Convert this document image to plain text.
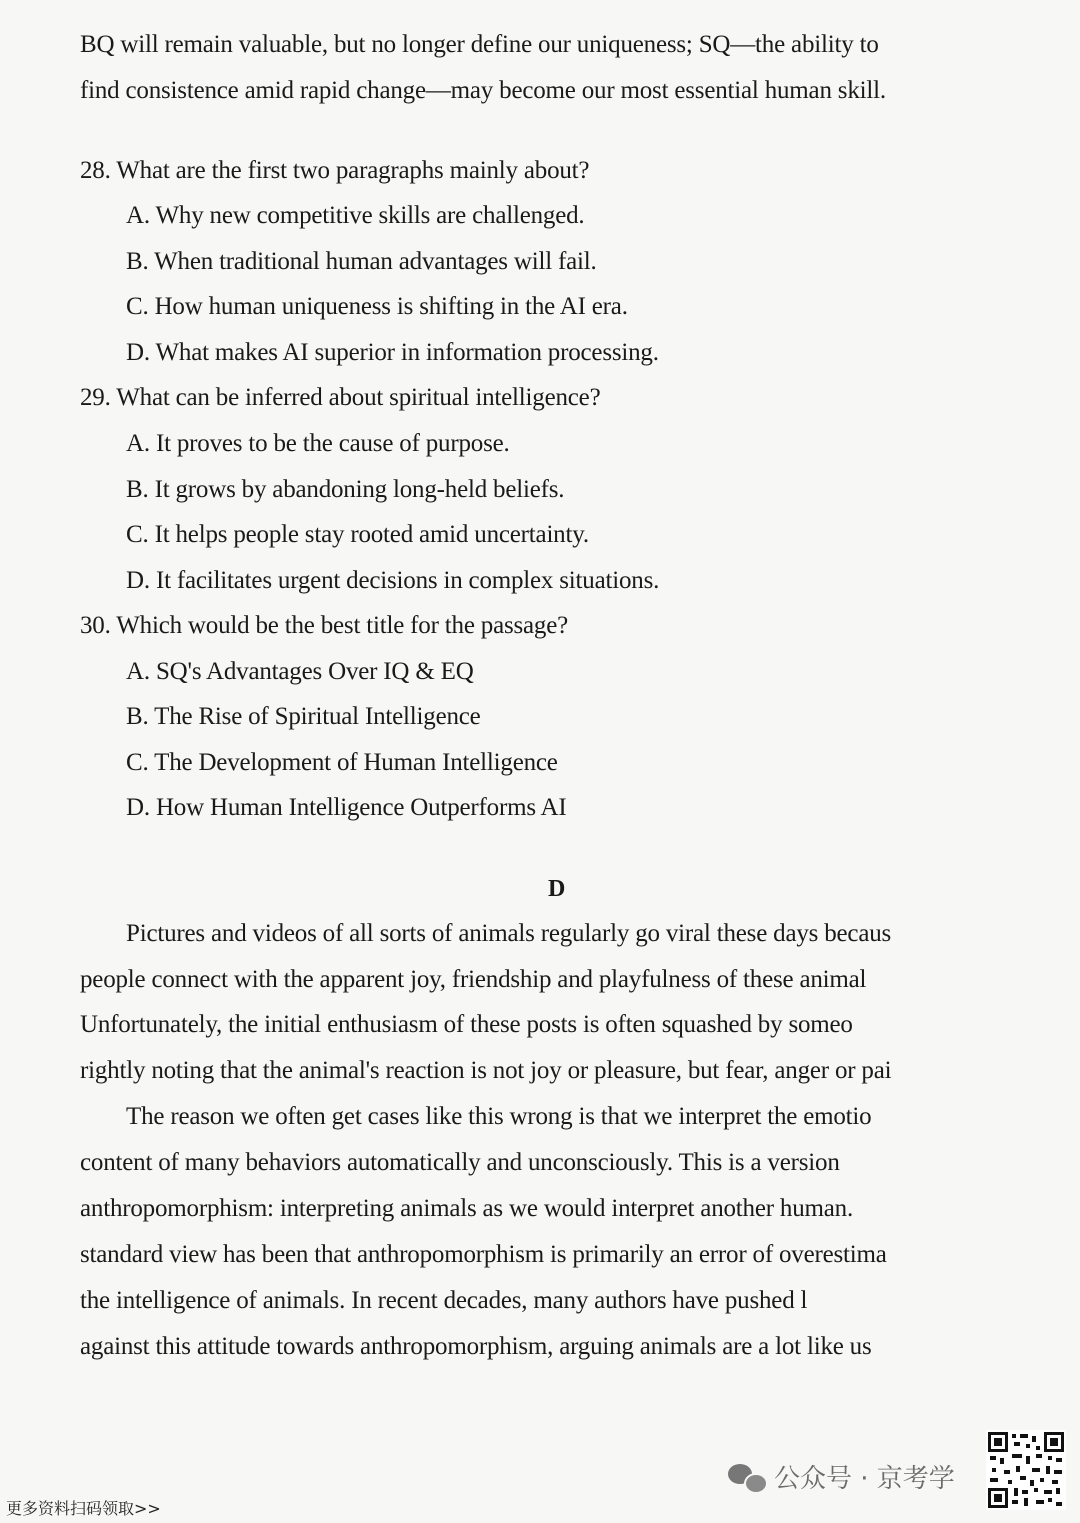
BQ will remain valuable, but no longer define our uniqueness; SQ—the ability to
find consistence amid rapid change—may become our most essential human skill.
28. What are the first two paragraphs mainly about?
A. Why new competitive skills are challenged.
B. When traditional human advantages will fail.
C. How human uniqueness is shifting in the AI era.
D. What makes AI superior in information processing.
29. What can be inferred about spiritual intelligence?
A. It proves to be the cause of purpose.
B. It grows by abandoning long-held beliefs.
C. It helps people stay rooted amid uncertainty.
D. It facilitates urgent decisions in complex situations.
30. Which would be the best title for the passage?
A. SQ's Advantages Over IQ & EQ
B. The Rise of Spiritual Intelligence
C. The Development of Human Intelligence
D. How Human Intelligence Outperforms AI
D
Pictures and videos of all sorts of animals regularly go viral these days becaus
people connect with the apparent joy, friendship and playfulness of these animal
Unfortunately, the initial enthusiasm of these posts is often squashed by someo
rightly noting that the animal's reaction is not joy or pleasure, but fear, anger or pai
The reason we often get cases like this wrong is that we interpret the emotio
content of many behaviors automatically and unconsciously. This is a version
anthropomorphism: interpreting animals as we would interpret another human.
standard view has been that anthropomorphism is primarily an error of overestima
the intelligence of animals. In recent decades, many authors have pushed l
against this attitude towards anthropomorphism, arguing animals are a lot like us
公众号 · 京考学
更多资料扫码领取>>
